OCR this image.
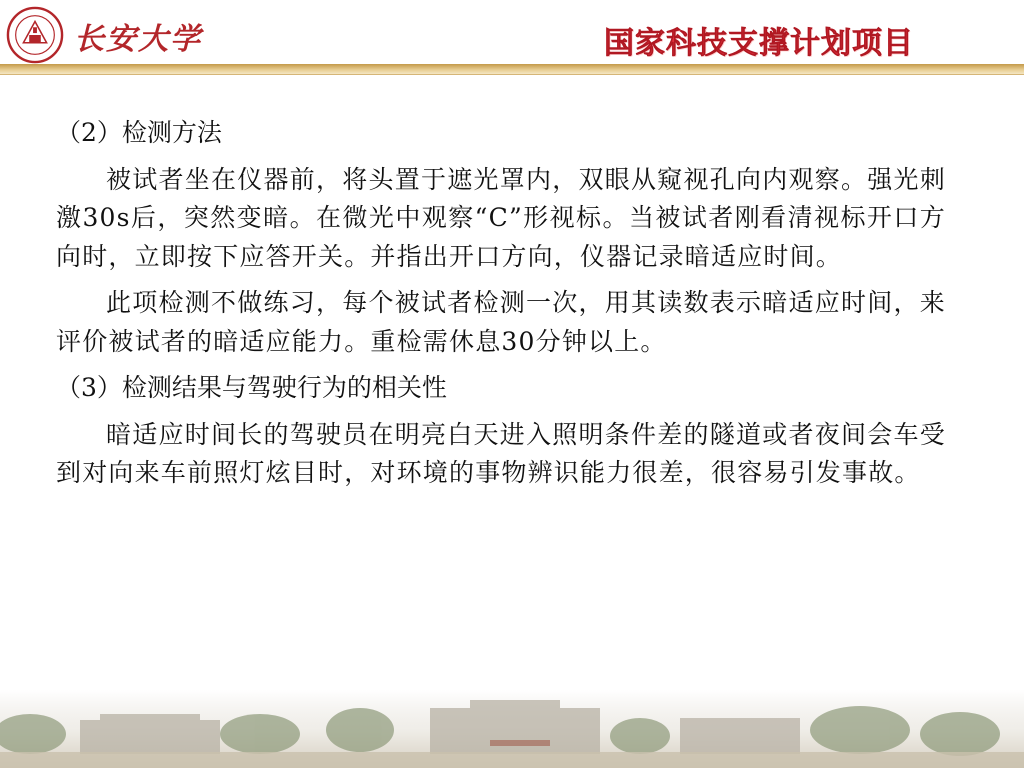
长安大学	国家科技支撑计划项目

（2）检测方法

被试者坐在仪器前，将头置于遮光罩内，双眼从窥视孔向内观察。强光刺激30s后，突然变暗。在微光中观察“C”形视标。当被试者刚看清视标开口方向时，立即按下应答开关。并指出开口方向，仪器记录暗适应时间。

此项检测不做练习，每个被试者检测一次，用其读数表示暗适应时间，来评价被试者的暗适应能力。重检需休息30分钟以上。

（3）检测结果与驾驶行为的相关性

暗适应时间长的驾驶员在明亮白天进入照明条件差的隧道或者夜间会车受到对向来车前照灯炫目时，对环境的事物辨识能力很差，很容易引发事故。
